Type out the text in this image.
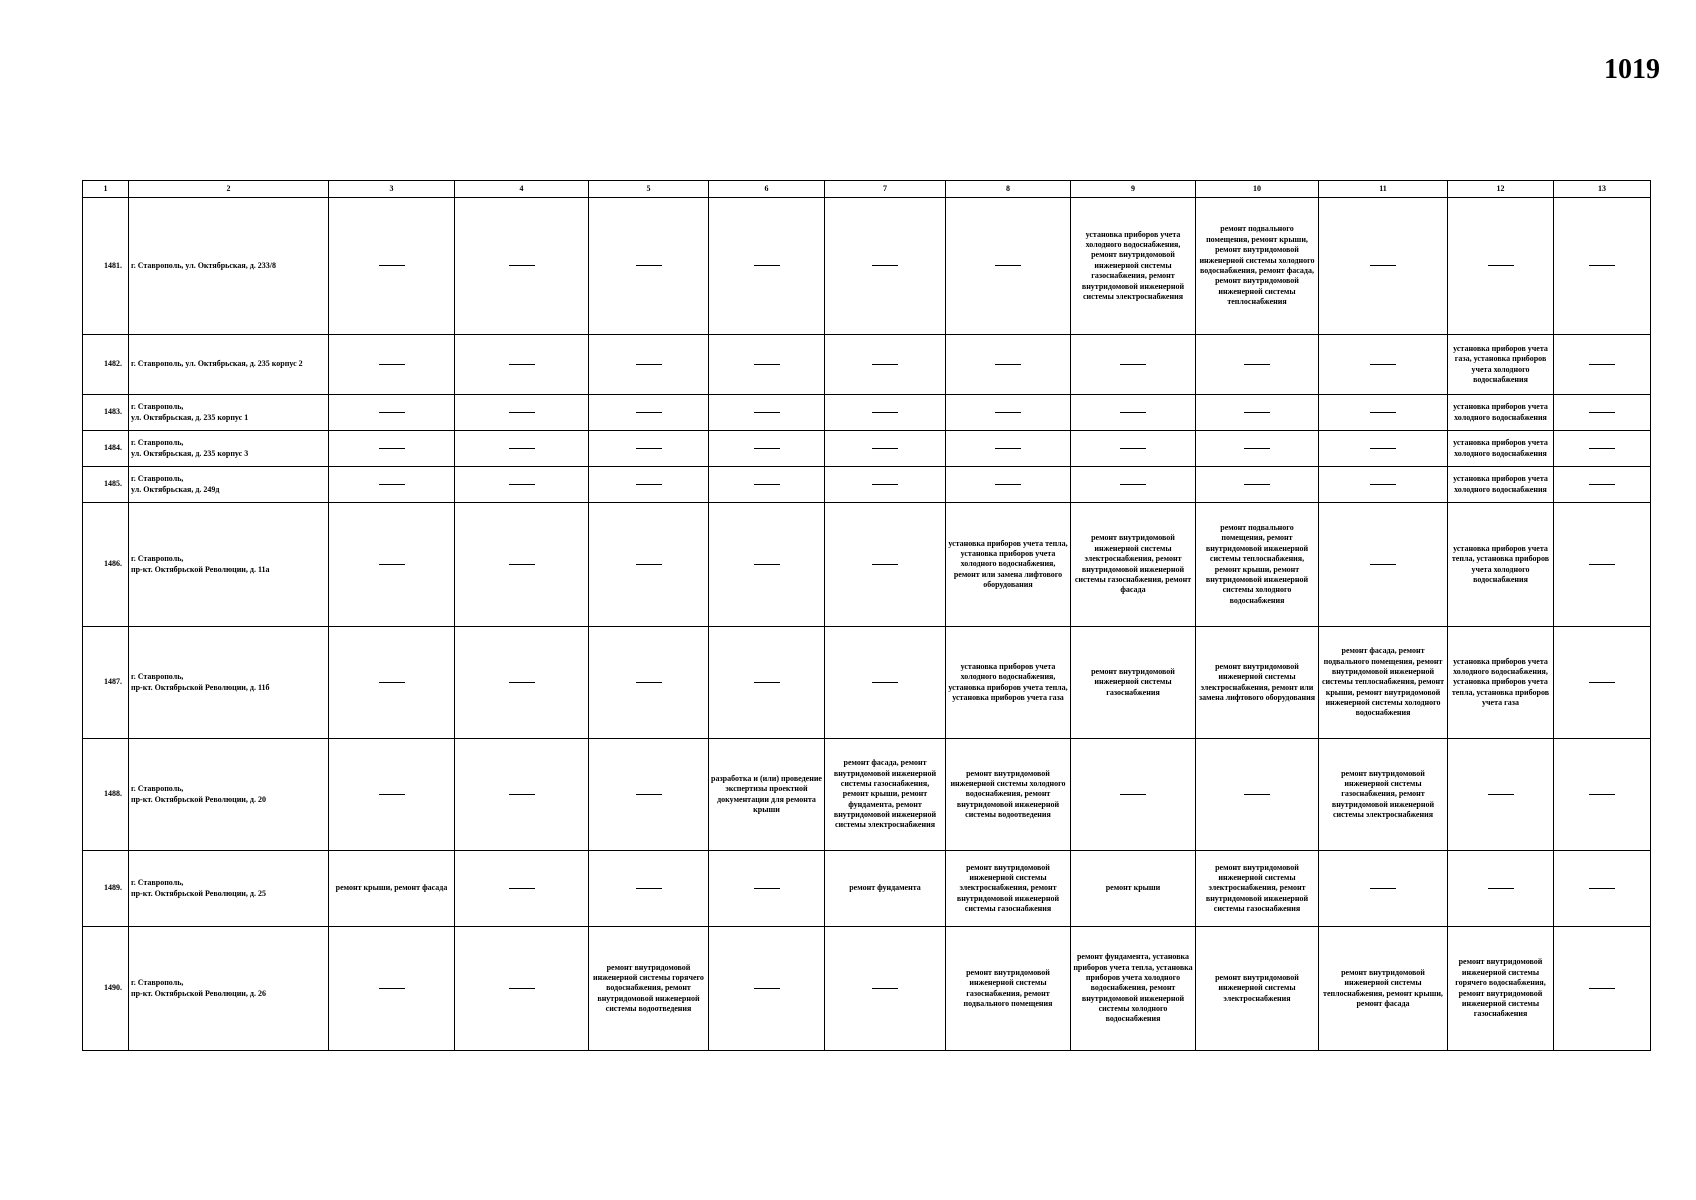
1019
1	2	3	4	5	6	7	8	9	10	11	12	13
1481.	г. Ставрополь, ул. Октябрьская, д. 233/8							установка приборов учета холодного водоснабжения, ремонт внутридомовой инженерной системы газоснабжения, ремонт внутридомовой инженерной системы электроснабжения	ремонт подвального помещения, ремонт крыши, ремонт внутридомовой инженерной системы холодного водоснабжения, ремонт фасада, ремонт внутридомовой инженерной системы теплоснабжения			
1482.	г. Ставрополь, ул. Октябрьская, д. 235 корпус 2										установка приборов учета газа, установка приборов учета холодного водоснабжения	
1483.	г. Ставрополь,
ул. Октябрьская, д. 235 корпус 1										установка приборов учета холодного водоснабжения	
1484.	г. Ставрополь,
ул. Октябрьская, д. 235 корпус 3										установка приборов учета холодного водоснабжения	
1485.	г. Ставрополь,
ул. Октябрьская, д. 249д										установка приборов учета холодного водоснабжения	
1486.	г. Ставрополь,
пр-кт. Октябрьской Революции, д. 11а						установка приборов учета тепла, установка приборов учета холодного водоснабжения, ремонт или замена лифтового оборудования	ремонт внутридомовой инженерной системы электроснабжения, ремонт внутридомовой инженерной системы газоснабжения, ремонт фасада	ремонт подвального помещения, ремонт внутридомовой инженерной системы теплоснабжения, ремонт крыши, ремонт внутридомовой инженерной системы холодного водоснабжения		установка приборов учета тепла, установка приборов учета холодного водоснабжения	
1487.	г. Ставрополь,
пр-кт. Октябрьской Революции, д. 11б						установка приборов учета холодного водоснабжения, установка приборов учета тепла, установка приборов учета газа	ремонт внутридомовой инженерной системы газоснабжения	ремонт внутридомовой инженерной системы электроснабжения, ремонт или замена лифтового оборудования	ремонт фасада, ремонт подвального помещения, ремонт внутридомовой инженерной системы теплоснабжения, ремонт крыши, ремонт внутридомовой инженерной системы холодного водоснабжения	установка приборов учета холодного водоснабжения, установка приборов учета тепла, установка приборов учета газа	
1488.	г. Ставрополь,
пр-кт. Октябрьской Революции, д. 20				разработка и (или) проведение экспертизы проектной документации для ремонта крыши	ремонт фасада, ремонт внутридомовой инженерной системы газоснабжения, ремонт крыши, ремонт фундамента, ремонт внутридомовой инженерной системы электроснабжения	ремонт внутридомовой инженерной системы холодного водоснабжения, ремонт внутридомовой инженерной системы водоотведения			ремонт внутридомовой инженерной системы газоснабжения, ремонт внутридомовой инженерной системы электроснабжения		
1489.	г. Ставрополь,
пр-кт. Октябрьской Революции, д. 25	ремонт крыши, ремонт фасада				ремонт фундамента	ремонт внутридомовой инженерной системы электроснабжения, ремонт внутридомовой инженерной системы газоснабжения	ремонт крыши	ремонт внутридомовой инженерной системы электроснабжения, ремонт внутридомовой инженерной системы газоснабжения			
1490.	г. Ставрополь,
пр-кт. Октябрьской Революции, д. 26			ремонт внутридомовой инженерной системы горячего водоснабжения, ремонт внутридомовой инженерной системы водоотведения			ремонт внутридомовой инженерной системы газоснабжения, ремонт подвального помещения	ремонт фундамента, установка приборов учета тепла, установка приборов учета холодного водоснабжения, ремонт внутридомовой инженерной системы холодного водоснабжения	ремонт внутридомовой инженерной системы электроснабжения	ремонт внутридомовой инженерной системы теплоснабжения, ремонт крыши, ремонт фасада	ремонт внутридомовой инженерной системы горячего водоснабжения, ремонт внутридомовой инженерной системы газоснабжения	
